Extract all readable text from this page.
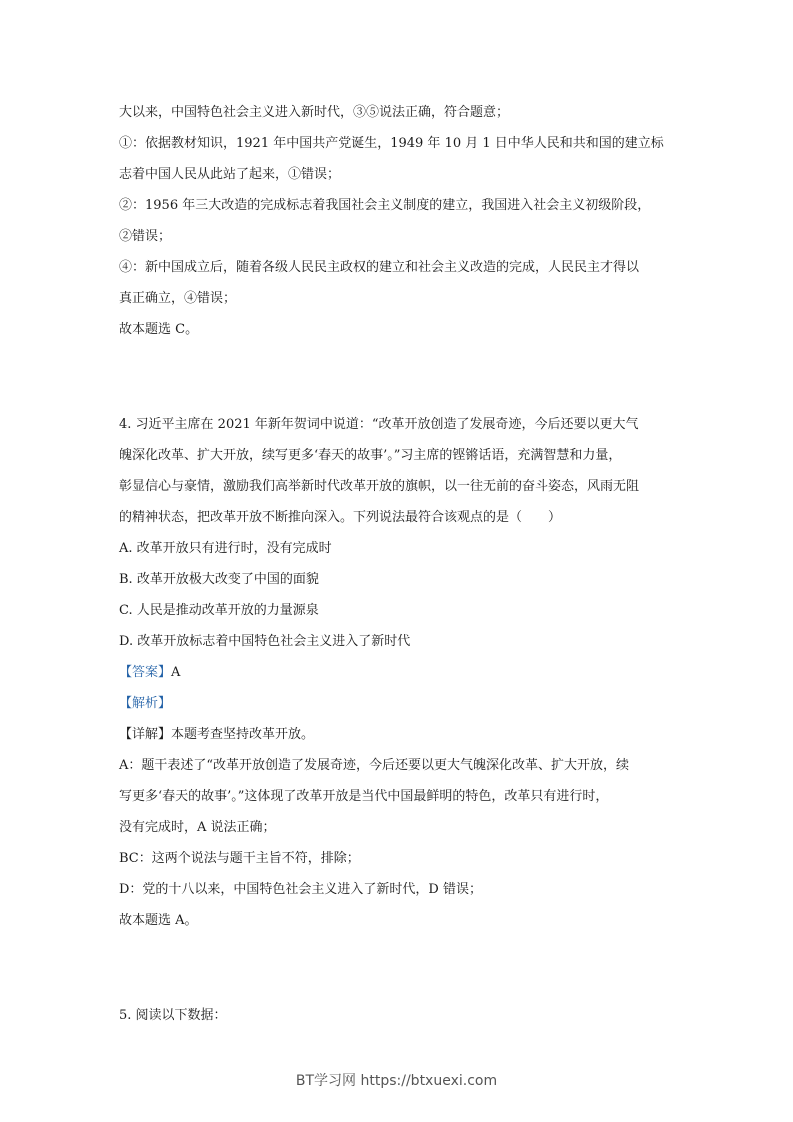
大以来，中国特色社会主义进入新时代，③⑤说法正确，符合题意；
①：依据教材知识，1921 年中国共产党诞生，1949 年 10 月 1 日中华人民和共和国的建立标
志着中国人民从此站了起来，①错误；
②：1956 年三大改造的完成标志着我国社会主义制度的建立，我国进入社会主义初级阶段，
②错误；
④：新中国成立后，随着各级人民民主政权的建立和社会主义改造的完成，人民民主才得以
真正确立，④错误；
故本题选 C。
4. 习近平主席在 2021 年新年贺词中说道：“改革开放创造了发展奇迹，今后还要以更大气
魄深化改革、扩大开放，续写更多‘春天的故事’。”习主席的铿锵话语，充满智慧和力量，
彰显信心与豪情，激励我们高举新时代改革开放的旗帜，以一往无前的奋斗姿态，风雨无阻
的精神状态，把改革开放不断推向深入。下列说法最符合该观点的是（　　）
A. 改革开放只有进行时，没有完成时
B. 改革开放极大改变了中国的面貌
C. 人民是推动改革开放的力量源泉
D. 改革开放标志着中国特色社会主义进入了新时代
【答案】A
【解析】
【详解】本题考查坚持改革开放。
A：题干表述了“改革开放创造了发展奇迹，今后还要以更大气魄深化改革、扩大开放，续
写更多‘春天的故事’。”这体现了改革开放是当代中国最鲜明的特色，改革只有进行时，
没有完成时，A 说法正确；
BC：这两个说法与题干主旨不符，排除；
D：党的十八以来，中国特色社会主义进入了新时代，D 错误；
故本题选 A。
5. 阅读以下数据：
BT学习网 https://btxuexi.com
